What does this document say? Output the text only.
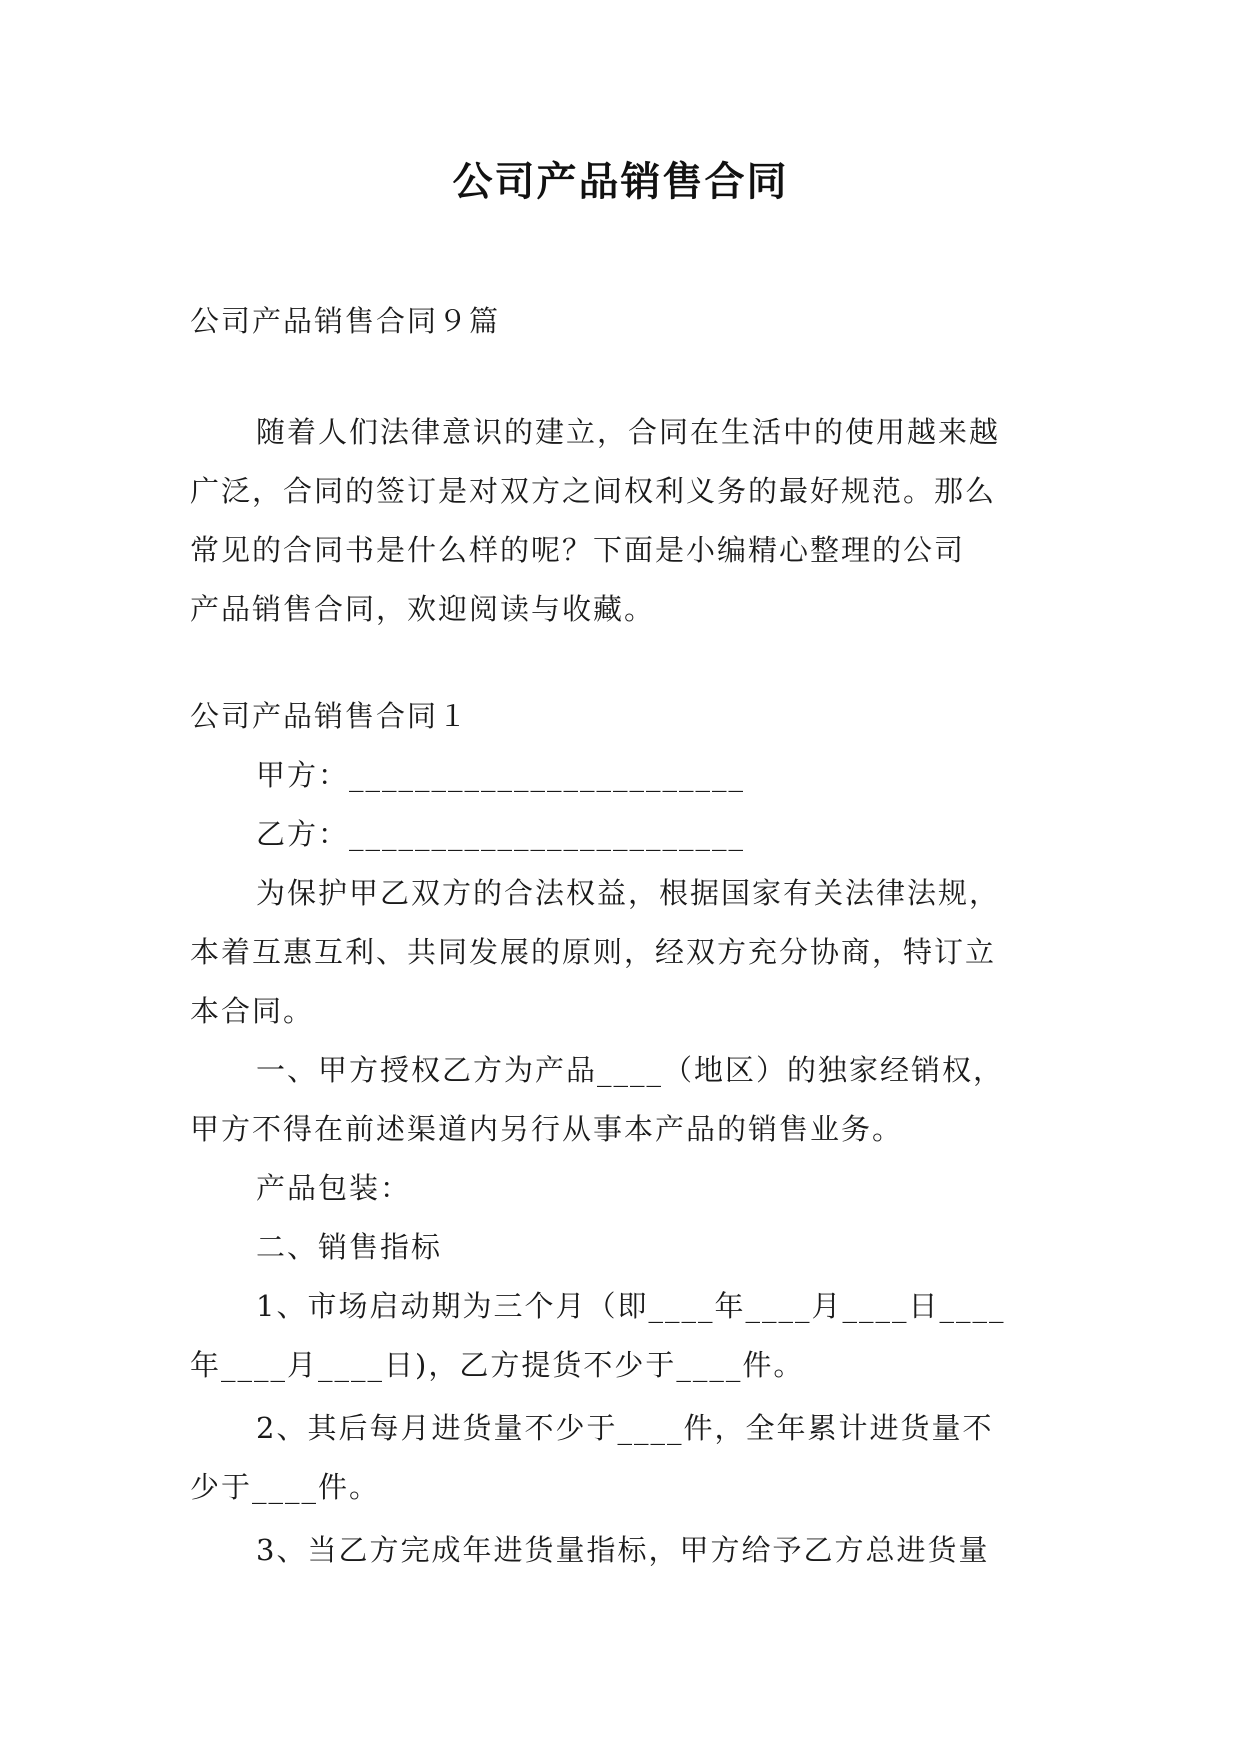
公司产品销售合同
公司产品销售合同９篇
随着人们法律意识的建立，合同在生活中的使用越来越
广泛，合同的签订是对双方之间权利义务的最好规范。那么
常见的合同书是什么样的呢？下面是小编精心整理的公司
产品销售合同，欢迎阅读与收藏。
公司产品销售合同１
甲方：________________________
乙方：________________________
为保护甲乙双方的合法权益，根据国家有关法律法规，
本着互惠互利、共同发展的原则，经双方充分协商，特订立
本合同。
一、甲方授权乙方为产品____（地区）的独家经销权，
甲方不得在前述渠道内另行从事本产品的销售业务。
产品包装：
二、销售指标
1、市场启动期为三个月（即____年____月____日____
年____月____日)，乙方提货不少于____件。
2、其后每月进货量不少于____件，全年累计进货量不
少于____件。
3、当乙方完成年进货量指标，甲方给予乙方总进货量
